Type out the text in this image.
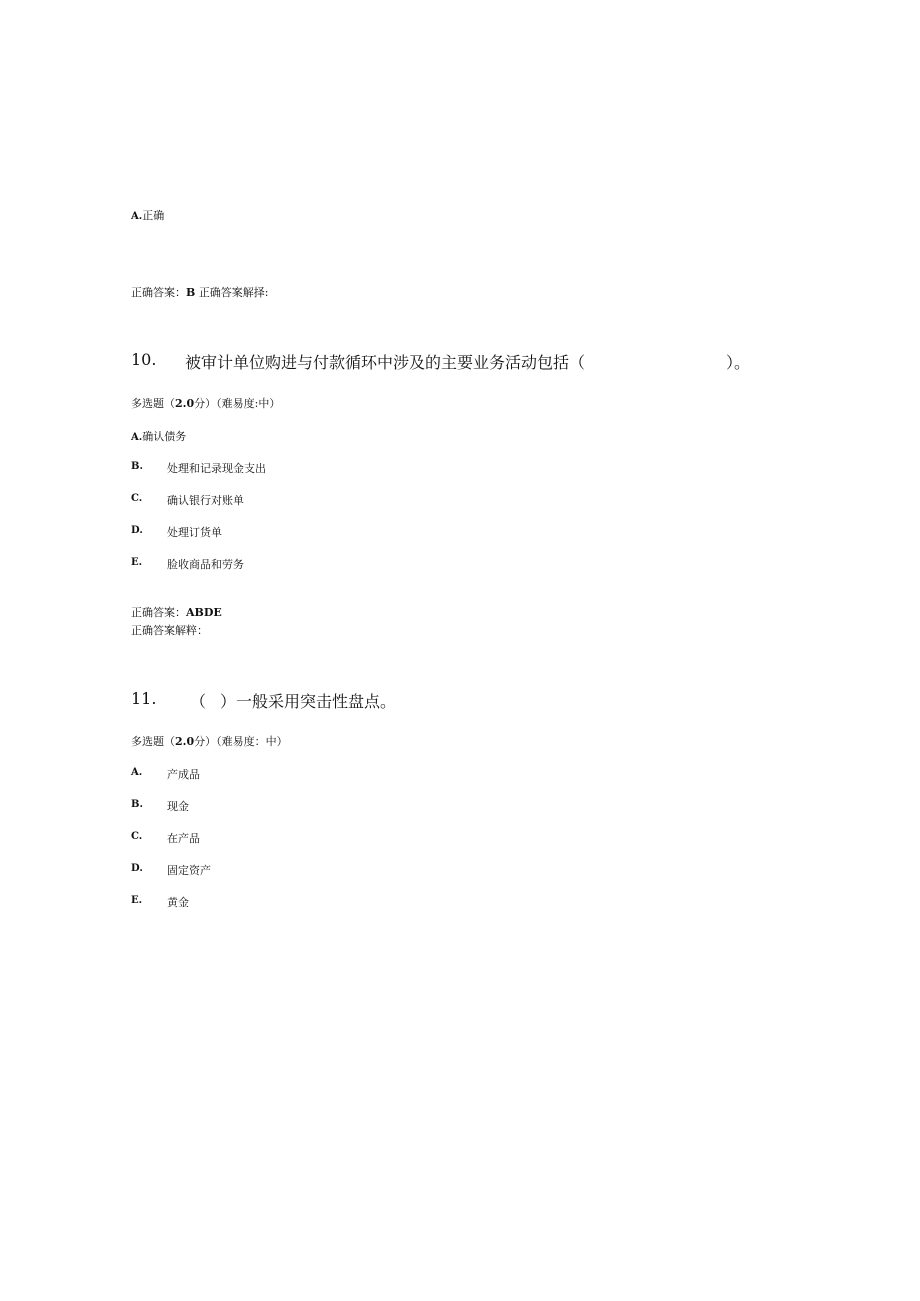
A.正确
正确答案：B 正确答案解择:
10. 被审计单位购进与付款循环中涉及的主要业务活动包括（	）。
多选题（2.0分）（难易度:中）
A.确认债务
B. 处理和记录现金支出
C. 确认银行对账单
D. 处理订货单
E. 脸收商品和劳务
正确答案：ABDE
正确答案解粹：
11. （ ）一般采用突击性盘点。
多选题（2.0分）（难易度：中）
A. 产成品
B. 现金
C. 在产品
D. 固定资产
E. 黄金
